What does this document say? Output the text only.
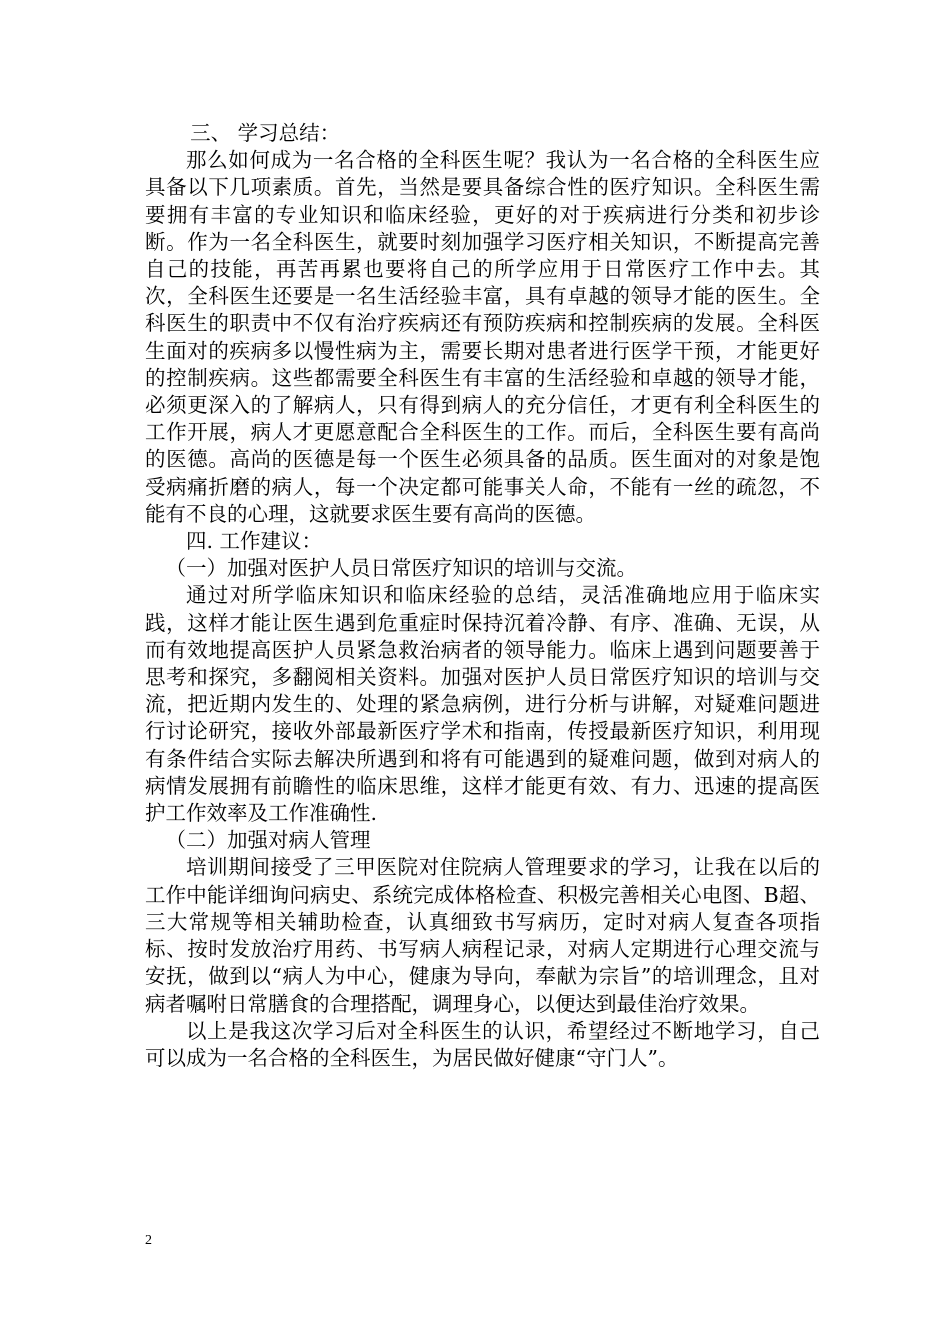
三、 学习总结：

那么如何成为一名合格的全科医生呢？我认为一名合格的全科医生应具备以下几项素质。首先，当然是要具备综合性的医疗知识。全科医生需要拥有丰富的专业知识和临床经验，更好的对于疾病进行分类和初步诊断。作为一名全科医生，就要时刻加强学习医疗相关知识，不断提高完善自己的技能，再苦再累也要将自己的所学应用于日常医疗工作中去。其次，全科医生还要是一名生活经验丰富，具有卓越的领导才能的医生。全科医生的职责中不仅有治疗疾病还有预防疾病和控制疾病的发展。全科医生面对的疾病多以慢性病为主，需要长期对患者进行医学干预，才能更好的控制疾病。这些都需要全科医生有丰富的生活经验和卓越的领导才能，必须更深入的了解病人，只有得到病人的充分信任，才更有利全科医生的工作开展，病人才更愿意配合全科医生的工作。而后，全科医生要有高尚的医德。高尚的医德是每一个医生必须具备的品质。医生面对的对象是饱受病痛折磨的病人，每一个决定都可能事关人命，不能有一丝的疏忽，不能有不良的心理，这就要求医生要有高尚的医德。

四. 工作建议：

（一）加强对医护人员日常医疗知识的培训与交流。

通过对所学临床知识和临床经验的总结，灵活准确地应用于临床实践，这样才能让医生遇到危重症时保持沉着冷静、有序、准确、无误，从而有效地提高医护人员紧急救治病者的领导能力。临床上遇到问题要善于思考和探究，多翻阅相关资料。加强对医护人员日常医疗知识的培训与交流，把近期内发生的、处理的紧急病例，进行分析与讲解，对疑难问题进行讨论研究，接收外部最新医疗学术和指南，传授最新医疗知识，利用现有条件结合实际去解决所遇到和将有可能遇到的疑难问题，做到对病人的病情发展拥有前瞻性的临床思维，这样才能更有效、有力、迅速的提高医护工作效率及工作准确性.

（二）加强对病人管理

培训期间接受了三甲医院对住院病人管理要求的学习，让我在以后的工作中能详细询问病史、系统完成体格检查、积极完善相关心电图、B超、三大常规等相关辅助检查，认真细致书写病历，定时对病人复查各项指标、按时发放治疗用药、书写病人病程记录，对病人定期进行心理交流与安抚，做到以“病人为中心，健康为导向，奉献为宗旨”的培训理念，且对病者嘱咐日常膳食的合理搭配，调理身心，以便达到最佳治疗效果。

以上是我这次学习后对全科医生的认识，希望经过不断地学习，自己可以成为一名合格的全科医生，为居民做好健康“守门人”。

2
